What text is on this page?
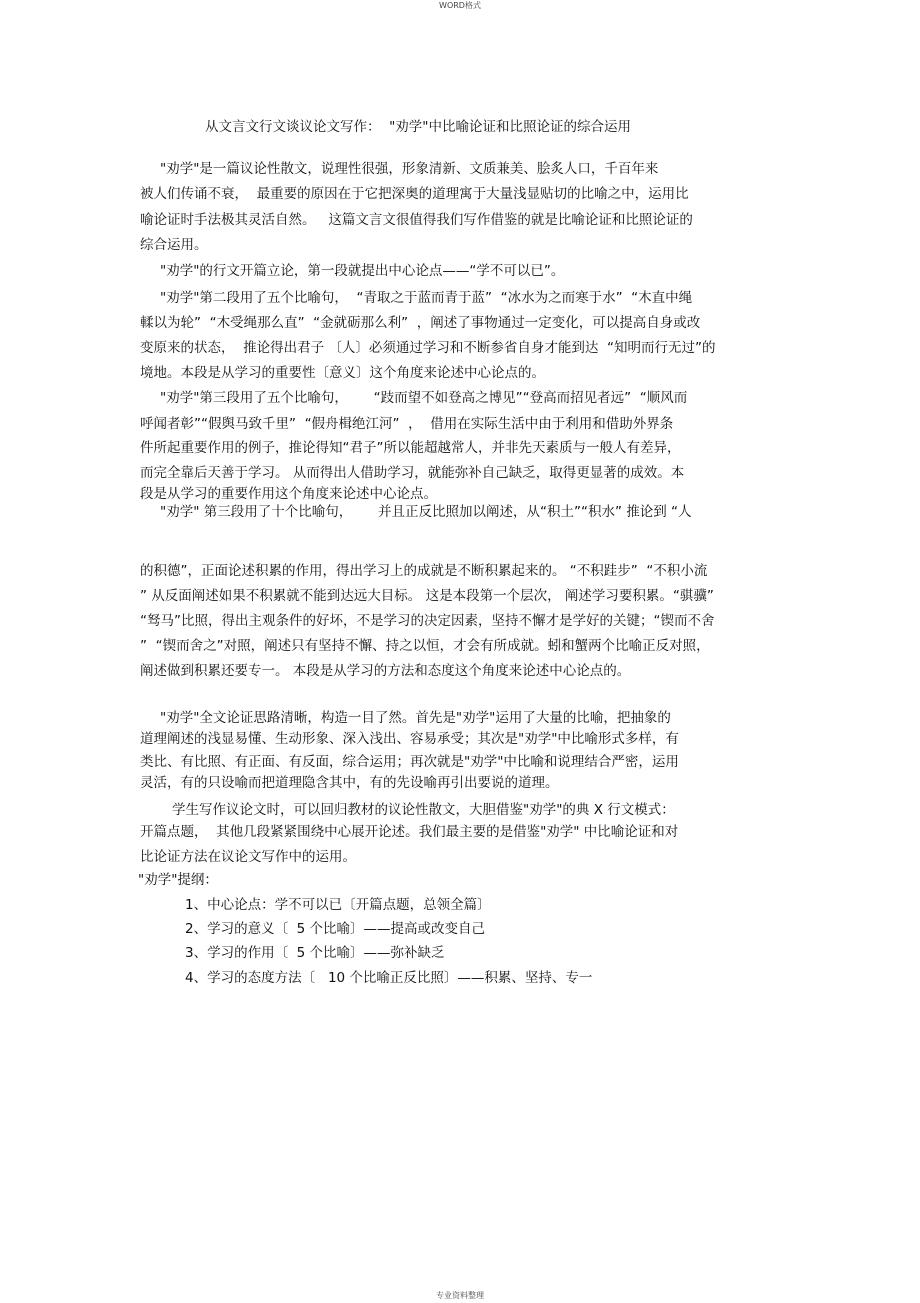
WORD格式
从文言文行文谈议论文写作：  "劝学"中比喻论证和比照论证的综合运用
"劝学"是一篇议论性散文，说理性很强，形象清新、文质兼美、脍炙人口，千百年来
被人们传诵不衰，  最重要的原因在于它把深奥的道理寓于大量浅显贴切的比喻之中，运用比
喻论证时手法极其灵活自然。   这篇文言文很值得我们写作借鉴的就是比喻论证和比照论证的
综合运用。
"劝学"的行文开篇立论，第一段就提出中心论点——“学不可以已”。
"劝学"第二段用了五个比喻句，  “青取之于蓝而青于蓝”  “冰水为之而寒于水”  “木直中绳
輮以为轮”  “木受绳那么直”  “金就砺那么利”  ，阐述了事物通过一定变化，可以提高自身或改
变原来的状态，  推论得出君子 〔人〕必须通过学习和不断参省自身才能到达  “知明而行无过”的
境地。本段是从学习的重要性〔意义〕这个角度来论述中心论点的。
"劝学"第三段用了五个比喻句，      “跂而望不如登高之博见”“登高而招见者远”  “顺风而
呼闻者彰”“假舆马致千里”  “假舟楫绝江河”  ，  借用在实际生活中由于利用和借助外界条
件所起重要作用的例子，推论得知“君子”所以能超越常人，并非先天素质与一般人有差异，
而完全靠后天善于学习。 从而得出人借助学习，就能弥补自己缺乏，取得更显著的成效。本
段是从学习的重要作用这个角度来论述中心论点。
"劝学" 第三段用了十个比喻句，      并且正反比照加以阐述，从“积土”“积水” 推论到 “人
的积德”，正面论述积累的作用，得出学习上的成就是不断积累起来的。 “不积跬步”  “不积小流
” 从反面阐述如果不积累就不能到达远大目标。 这是本段第一个层次， 阐述学习要积累。“骐骥”
“驽马”比照，得出主观条件的好坏，不是学习的决定因素，坚持不懈才是学好的关键；“锲而不舍
”  “锲而舍之”对照，阐述只有坚持不懈、持之以恒，才会有所成就。蚓和蟹两个比喻正反对照，
阐述做到积累还要专一。 本段是从学习的方法和态度这个角度来论述中心论点的。
"劝学"全文论证思路清晰，构造一目了然。首先是"劝学"运用了大量的比喻，把抽象的
道理阐述的浅显易懂、生动形象、深入浅出、容易承受；其次是"劝学"中比喻形式多样，有
类比、有比照、有正面、有反面，综合运用；再次就是"劝学"中比喻和说理结合严密，运用
灵活，有的只设喻而把道理隐含其中，有的先设喻再引出要说的道理。
学生写作议论文时，可以回归教材的议论性散文，大胆借鉴"劝学"的典 X 行文模式：
开篇点题，  其他几段紧紧围绕中心展开论述。我们最主要的是借鉴"劝学" 中比喻论证和对
比论证方法在议论文写作中的运用。
"劝学"提纲：
1、中心论点：学不可以已〔开篇点题，总领全篇〕
2、学习的意义〔  5 个比喻〕——提高或改变自己
3、学习的作用〔  5 个比喻〕——弥补缺乏
4、学习的态度方法〔   10 个比喻正反比照〕——积累、坚持、专一
专业资料整理
